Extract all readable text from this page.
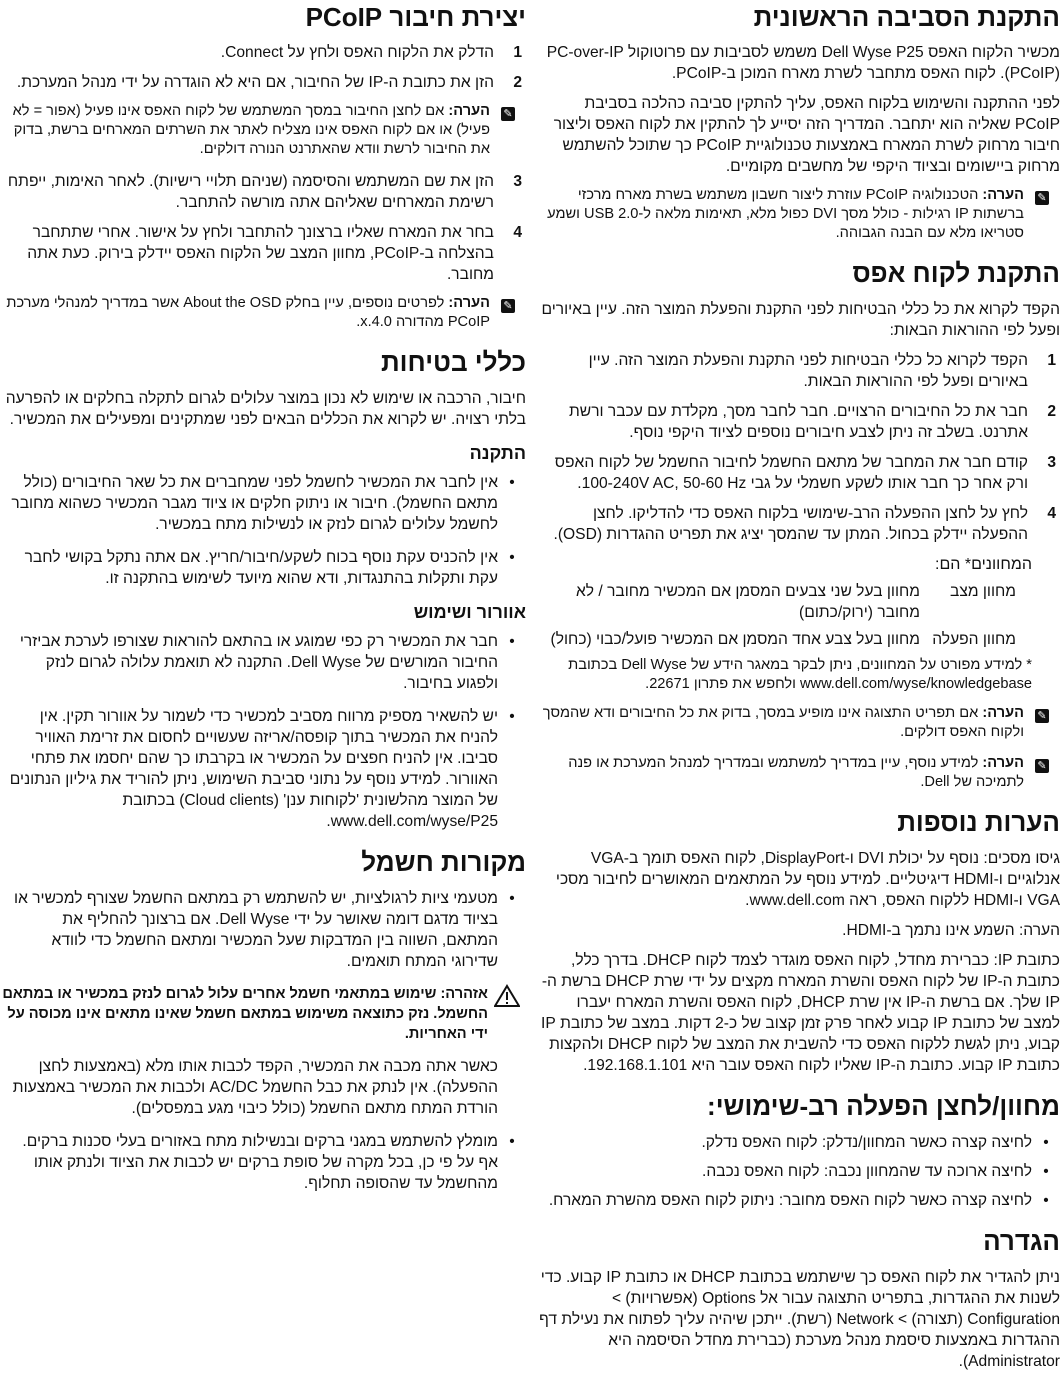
התקנת הסביבה הראשונית

מכשיר הלקוח האפס Dell Wyse P25 משמש לסביבות עם פרוטוקול PC-over-IP (PCoIP). לקוח האפס מתחבר לשרת מארח המוכן ב-PCoIP.

לפני ההתקנה והשימוש בלקוח האפס, עליך להתקין סביבה כהלכה בסביבת PCoIP שאליה הוא יתחבר. המדריך הזה יסייע לך להתקין את לקוח האפס וליצור חיבור מרחוק לשרת המארח באמצעות טכנולוגיית PCoIP כך שתוכל להשתמש מרחוק ביישומים ובציוד היקפי של מחשבים מקומיים.

✎
הערה: הטכנולוגיה PCoIP עוזרת ליצור חשבון משתמש בשרת מארח מרכזי ברשתות IP רגילות - כולל מסך DVI כפול מלא, תאימות מלאה ל-USB 2.0 ושמע סטריאו מלא עם הבנה הגבוהה.
התקנת לקוח אפס

הקפד לקרוא את כל כללי הבטיחות לפני התקנת והפעלת המוצר הזה. עיין באיורים ופעל לפי ההוראות הבאות:

1
הקפד לקרוא כל כללי הבטיחות לפני התקנת והפעלת המוצר הזה. עיין באיורים ופעל לפי ההוראות הבאות.
2
חבר את כל החיבורים הרצויים. חבר לחבר מסך, מקלדת עם עכבר ורשת אתרנט. בשלב זה ניתן לצבע חיבורים נוספים לציוד היקפי נוסף.
3
קודם חבר את המחבר של מתאם החשמל לחיבור החשמל של לקוח האפס ורק אחר כך חבר אותו לשקע חשמלי על גבי 100-240V AC, 50-60 Hz.
4
לחץ על לחצן ההפעלה הרב-שימושי בלקוח האפס כדי להדליקו. לחצן ההפעלה יידלק בכחול. המתן עד שהמסך יציג את תפריט ההגדרות (OSD).
המחוונים* הם:
מחוון מצב
מחוון בעל שני צבעים המסמן אם המכשיר מחובר / לא מחובר (ירוק/כתום)
מחוון הפעלה
מחוון בעל צבע אחד המסמן אם המכשיר פועל/כבוי (כחול)
* למידע מפורט על המחוונים, ניתן לבקר במאגר הידע של Dell Wyse בכתובת www.dell.com/wyse/knowledgebase ולחפש את פתרון 22671.
✎
הערה: אם תפריט התצוגה אינו מופיע במסך, בדוק את כל החיבורים ודא שהמסך ולקוח האפס דולקים.
✎
הערה: למידע נוסף, עיין במדריך למשתמש ובמדריך למנהל המערכת או פנה לתמיכה של Dell.
הערות נוספות

גיסו מסכים: נוסף על יכולת DVI ו-DisplayPort, לקוח האפס תומך ב-VGA אנלוגיים ו-HDMI דיגיטליים. למידע נוסף על המתאמים המאושרים לחיבור מסכי VGA ו-HDMI ללקוח האפס, ראה www.dell.com.

הערה: השמע אינו נתמך ב-HDMI.

כתובת IP: כברירת מחדל, לקוח האפס מוגדר לצמד לקוח DHCP. בדרך כלל, כתובת ה-IP של לקוח האפס והשרת המארח מקצים על ידי שרת DHCP ברשת ה-IP שלך. אם ברשת ה-IP אין שרת DHCP, לקוח האפס והשרת המארח יעברו למצב של כתובת IP קבוע לאחר פרק זמן קצוב של כ-2 דקות. במצב של כתובת IP קבוע, ניתן לגשת ללקוח האפס כדי להשבית את המצב של לקוח DHCP ולהקצות כתובת IP קבוע. כתובת ה-IP שאליו לקוח האפס עובר היא 192.168.1.101.

מחוון/לחצן הפעלה רב-שימושי:
•
לחיצה קצרה כאשר המחוון/נדלק: לקוח האפס נדלק.
•
לחיצה ארוכה עד שהמחוון נכבה: לקוח האפס נכבה.
•
לחיצה קצרה כאשר לקוח האפס מחובר: ניתוק לקוח האפס מהשרת המארח.
הגדרה

ניתן להגדיר את לקוח האפס כך שישתמש בכתובת DHCP או כתובת IP קבוע. כדי לשנות את ההגדרות, בתפריט התצוגה עבור אל Options (אפשרויות) > Configuration (תצורה) > Network (רשת). ייתכן שיהיה עליך לפתוח את נעילת דף ההגדרות באמצעות סיסמת מנהל מערכת (כברירת מחדל הסיסמה היא Administrator).

יצירת חיבור PCoIP
1
הדלק את הלקוח האפס ולחץ על Connect.
2
הזן את כתובת ה-IP של החיבור, אם היא לא הוגדרה על ידי מנהל המערכת.
✎
הערה: אם לחצן החיבור במסך המשתמש של לקוח האפס אינו פעיל (אפור = לא פעיל) או אם לקוח האפס אינו מצליח לאתר את השרתים המארחים ברשת, בדוק את החיבור לרשת וודא שהאתרנט הנורה דולקים.
3
הזן את שם המשתמש והסיסמה (שניהם תלויי רישיות). לאחר האימות, ייפתח רשימת המארחים שאליהם אתה מורשה להתחבר.
4
בחר את המארח שאליו ברצונך להתחבר ולחץ על אישור. אחרי שתתחבר בהצלחה ב-PCoIP, מחוון המצב של הלקוח האפס יידלק בירוק. כעת אתה מחובר.
✎
הערה: לפרטים נוספים, עיין בחלק About the OSD אשר במדריך למנהלי מערכת PCoIP מהדורה 4.0.x.
כללי בטיחות

חיבור, הרכבה או שימוש לא נכון במוצר עלולים לגרום לתקלה בחלקים או להפרעה בלתי רצויה. יש לקרוא את הכללים הבאים לפני שמתקינים ומפעילים את המכשיר.

התקנה
•
אין לחבר את המכשיר לחשמל לפני שמחברים את כל שאר החיבורים (כולל מתאם החשמל). חיבור או ניתוק חלקים או ציוד מגבר המכשיר כשהוא מחובר לחשמל עלולים לגרום לנזק או לנשילות מתח במכשיר.
•
אין להכניס עקת נוסף בכוח לשקע/חיבור/חריץ. אם אתה נתקל בקושי לחבר עקת ותקלות בהתנגדות, ודא שהוא מיועד לשימוש בהתקנה זו.
אוורור ושימוש
•
חבר את המכשיר רק כפי שמוגע או בהתאם להוראות שצורפו לערכת אביזרי החיבור המורשים של Dell Wyse. התקנה לא תואמת עלולה לגרום לנזק ולפגוע בחיבור.
•
יש להשאיר מספיק מרווח מסביב למכשיר כדי לשמור על אוורור תקין. אין להניח את המכשיר בתוך קופסה/אריזה שעשויים לחסום את זרימת האוויר סביבו. אין להניח חפצים על המכשיר או בקרבתו כך שהם יחסמו את פתחי האוורור. למידע נוסף על נתוני סביבת השימוש, ניתן להוריד את גיליון הנתונים של המוצר מהלשונית 'לקוחות ענן' (Cloud clients) בכתובת www.dell.com/wyse/P25.
מקורות חשמל
•
מטעמי ציות לרגולציות, יש להשתמש רק במתאם החשמל שצורף למכשיר או בציוד מדגם דומה שאושר על ידי Dell Wyse. אם ברצונך להחליף את המתאם, השווה בין המדבקות שעל המכשיר ומתאם החשמל כדי לוודא שדירוגי המתח תואמים.
אזהרה: שימוש במתאמי חשמל אחרים עלול לגרום לנזק במכשיר או במתאם החשמל. נזק כתוצאה משימוש במתאם חשמל שאינו מתאים אינו מכוסה על ידי האחריות.
כאשר אתה מכבה את המכשיר, הקפד לכבות אותו מלא (באמצעות לחצן ההפעלה). אין לנתק את כבל החשמל AC/DC ולכבות את המכשיר באמצעות הורדת המתח מתאם החשמל (כולל כיבוי מגע במפסלים).
•
מומלץ להשתמש במגני ברקים ובנשילות מתח באזורים בעלי סכנות ברקים. אף על פי כן, בכל מקרה של סופת ברקים יש לכבות את הציוד ולנתק אותו מהחשמל עד שהסופה תחלוף.
